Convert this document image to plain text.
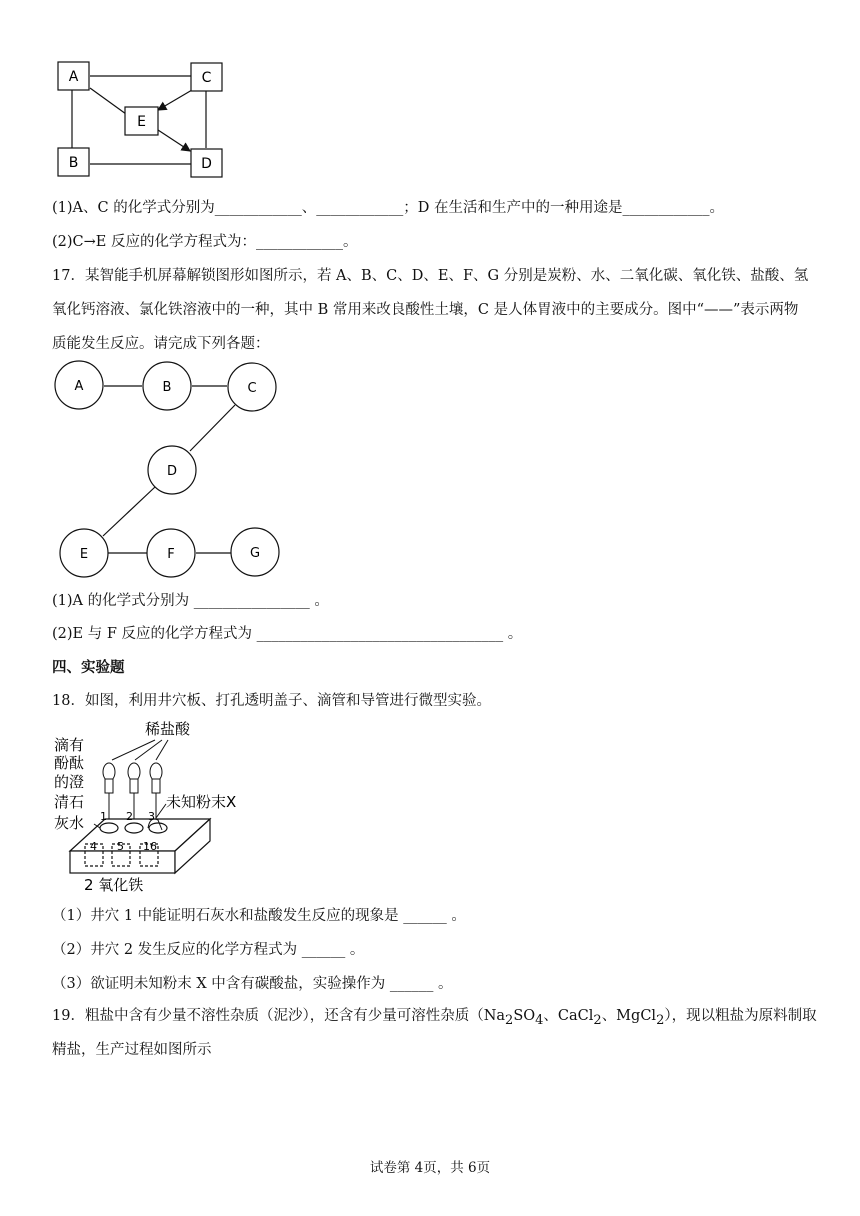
A	C
E
B	D
(1)A、C 的化学式分别为____________、____________；D 在生活和生产中的一种用途是____________。
(2)C→E 反应的化学方程式为：____________。
17．某智能手机屏幕解锁图形如图所示，若 A、B、C、D、E、F、G 分别是炭粉、水、二氧化碳、氧化铁、盐酸、氢氧化钙溶液、氯化铁溶液中的一种，其中 B 常用来改良酸性土壤，C 是人体胃液中的主要成分。图中“——”表示两物质能发生反应。请完成下列各题：
A	B	C
D
E	F	G
(1)A 的化学式分别为 ________________ 。
(2)E 与 F 反应的化学方程式为 __________________________________ 。
四、实验题
18．如图，利用井穴板、打孔透明盖子、滴管和导管进行微型实验。
稀盐酸
滴有
酚酞
的澄
清石
灰水
未知粉末X
1 2 3
4 5 16
2 氧化铁
（1）井穴 1 中能证明石灰水和盐酸发生反应的现象是 ______ 。
（2）井穴 2 发生反应的化学方程式为 ______ 。
（3）欲证明未知粉末 X 中含有碳酸盐，实验操作为 ______ 。
19．粗盐中含有少量不溶性杂质（泥沙），还含有少量可溶性杂质（$Na_2SO_4$、CaCl$_2$、MgCl$_2$），现以粗盐为原料制取
精盐，生产过程如图所示
试卷第 4页，共 6页
